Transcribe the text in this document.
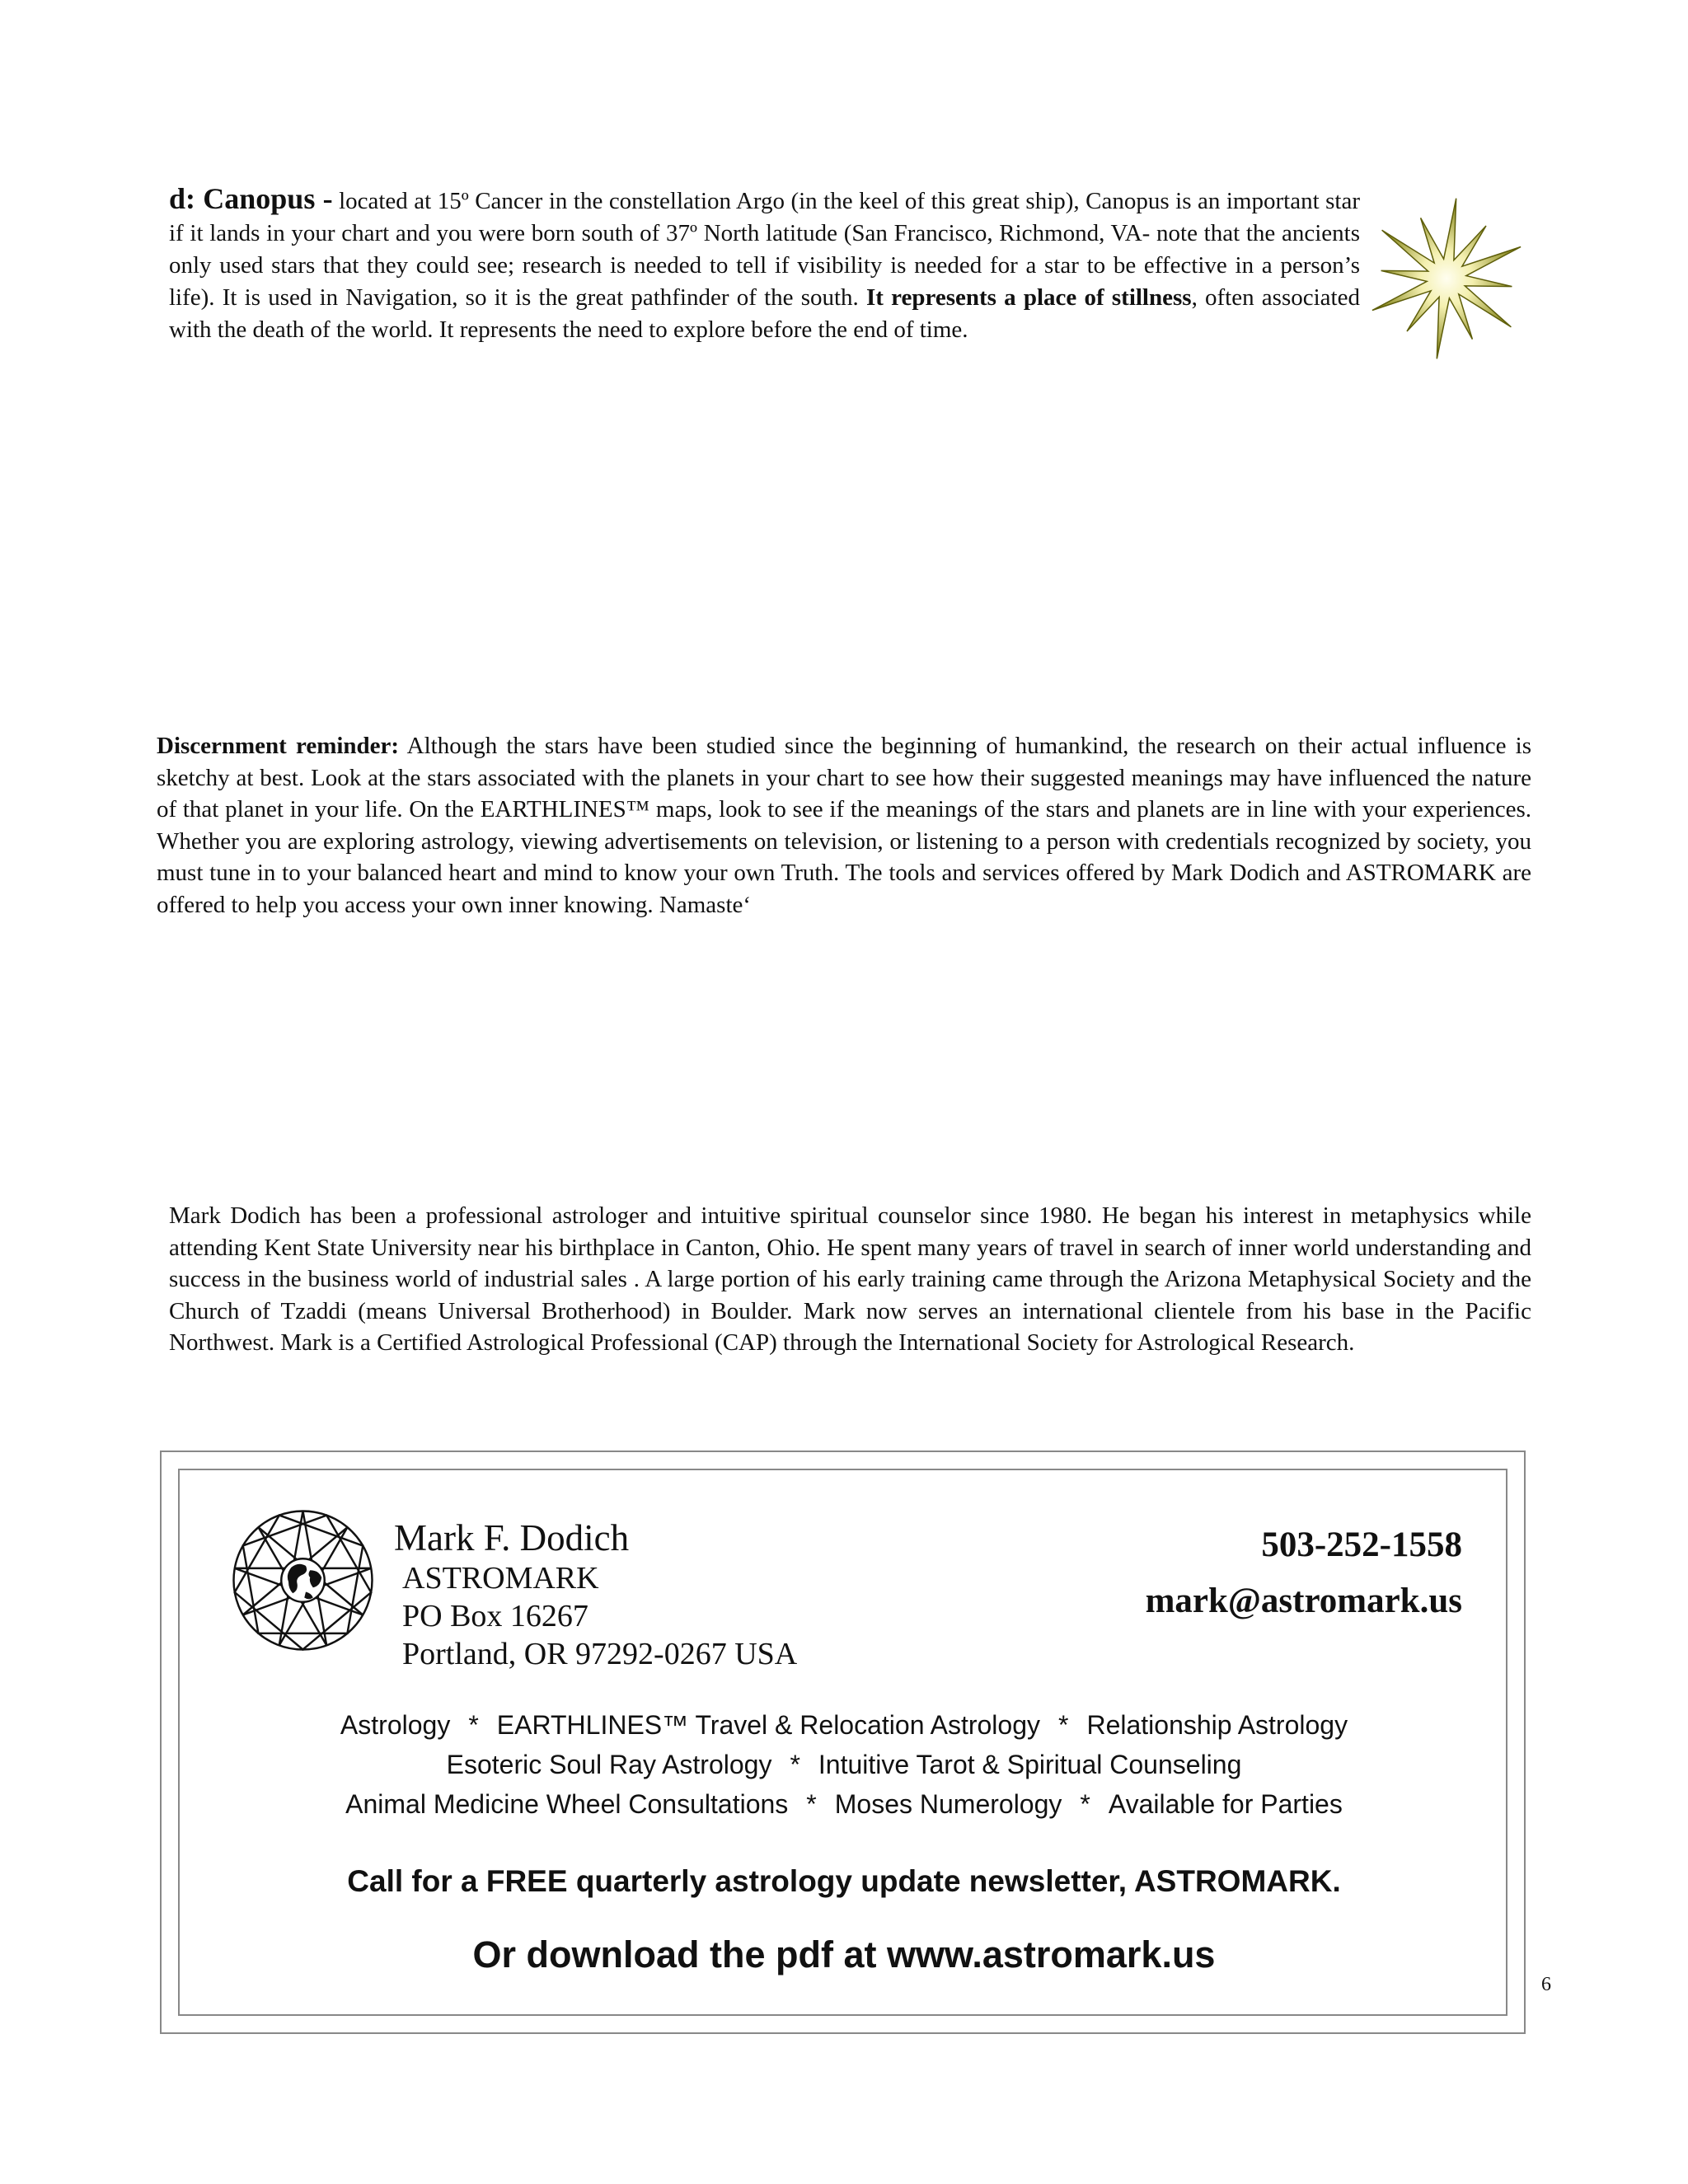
d: Canopus - located at 15º Cancer in the constellation Argo (in the keel of this great ship), Canopus is an important star if it lands in your chart and you were born south of 37º North latitude (San Francisco, Richmond, VA- note that the ancients only used stars that they could see; research is needed to tell if visibility is needed for a star to be effective in a person’s life). It is used in Navigation, so it is the great pathfinder of the south. It represents a place of stillness, often associated with the death of the world. It represents the need to explore before the end of time.
Discernment reminder: Although the stars have been studied since the beginning of humankind, the research on their actual influence is sketchy at best. Look at the stars associated with the planets in your chart to see how their suggested meanings may have influenced the nature of that planet in your life. On the EARTHLINES™ maps, look to see if the meanings of the stars and planets are in line with your experiences. Whether you are exploring astrology, viewing advertisements on television, or listening to a person with credentials recognized by society, you must tune in to your balanced heart and mind to know your own Truth. The tools and services offered by Mark Dodich and ASTROMARK are offered to help you access your own inner knowing. Namaste‘
Mark Dodich has been a professional astrologer and intuitive spiritual counselor since 1980. He began his interest in metaphysics while attending Kent State University near his birthplace in Canton, Ohio. He spent many years of travel in search of inner world understanding and success in the business world of industrial sales . A large portion of his early training came through the Arizona Metaphysical Society and the Church of Tzaddi (means Universal Brotherhood) in Boulder. Mark now serves an international clientele from his base in the Pacific Northwest. Mark is a Certified Astrological Professional (CAP) through the International Society for Astrological Research.
Mark F. Dodich
ASTROMARK
PO Box 16267
Portland, OR 97292-0267 USA
503-252-1558
mark@astromark.us
Astrology * EARTHLINES™ Travel & Relocation Astrology * Relationship Astrology
Esoteric Soul Ray Astrology * Intuitive Tarot & Spiritual Counseling
Animal Medicine Wheel Consultations * Moses Numerology * Available for Parties
Call for a FREE quarterly astrology update newsletter, ASTROMARK.
Or download the pdf at www.astromark.us
6
